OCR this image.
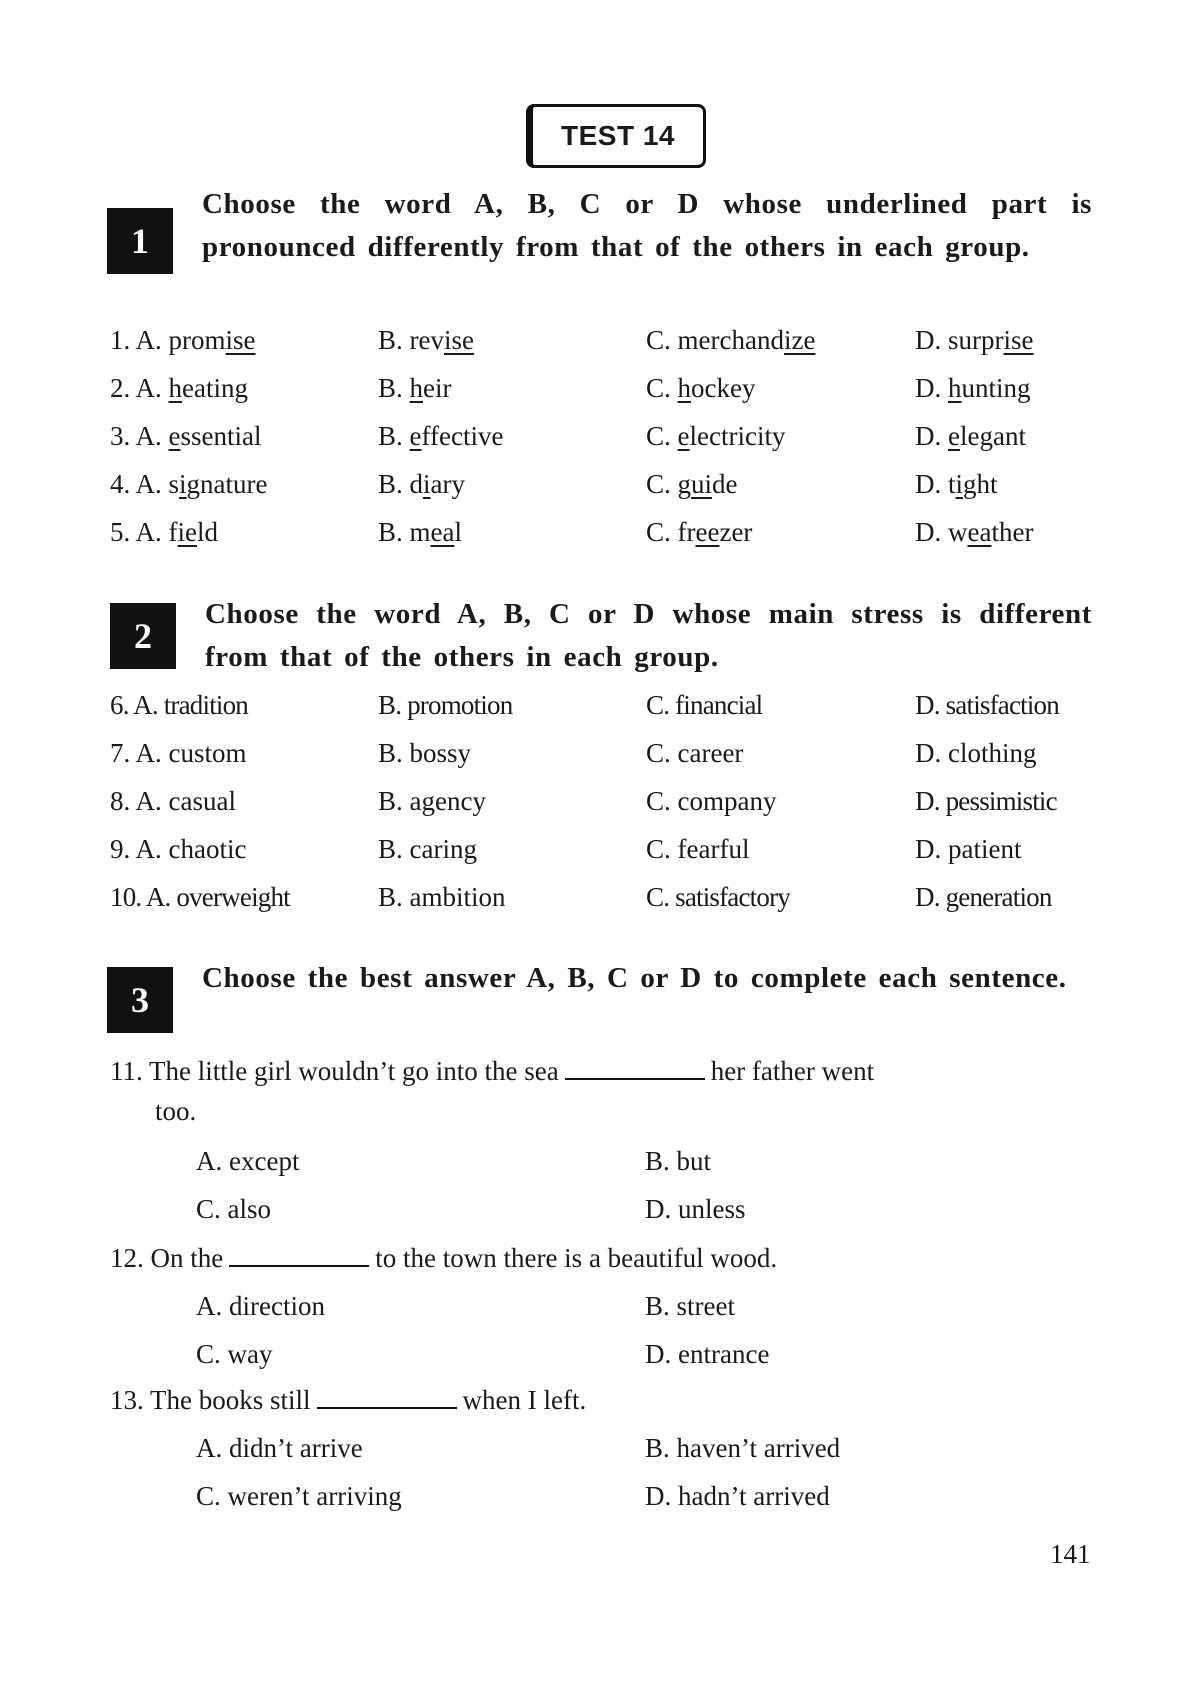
TEST 14
1
Choose the word A, B, C or D whose underlined part is pronounced differently from that of the others in each group.
1. A. promise	B. revise	C. merchandize	D. surprise
2. A. heating	B. heir	C. hockey	D. hunting
3. A. essential	B. effective	C. electricity	D. elegant
4. A. signature	B. diary	C. guide	D. tight
5. A. field	B. meal	C. freezer	D. weather
2
Choose the word A, B, C or D whose main stress is different from that of the others in each group.
6. A. tradition	B. promotion	C. financial	D. satisfaction
7. A. custom	B. bossy	C. career	D. clothing
8. A. casual	B. agency	C. company	D. pessimistic
9. A. chaotic	B. caring	C. fearful	D. patient
10. A. overweight	B. ambition	C. satisfactory	D. generation
3
Choose the best answer A, B, C or D to complete each sentence.
11. The little girl wouldn’t go into the sea	her father went
too.
A. except	B. but
C. also	D. unless
12. On the	to the town there is a beautiful wood.
A. direction	B. street
C. way	D. entrance
13. The books still	when I left.
A. didn’t arrive	B. haven’t arrived
C. weren’t arriving	D. hadn’t arrived
141
